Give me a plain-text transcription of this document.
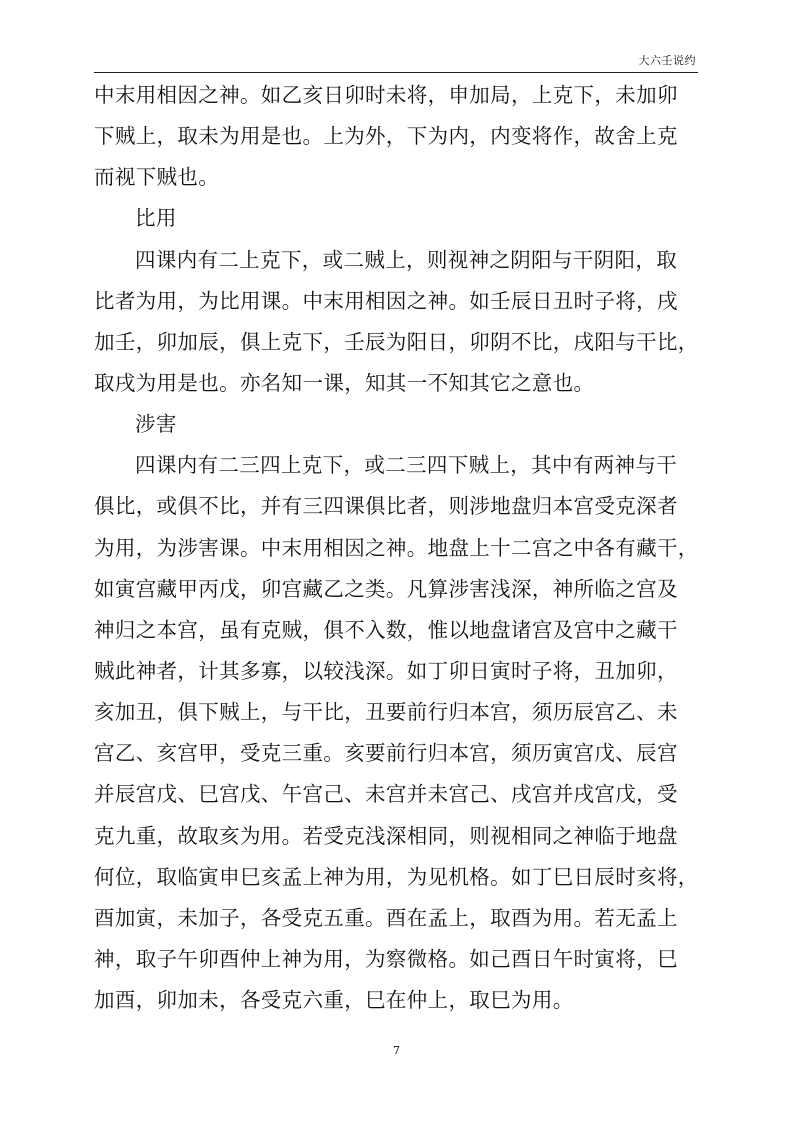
大六壬说约
中末用相因之神。如乙亥日卯时未将，申加局，上克下，未加卯
下贼上，取未为用是也。上为外，下为内，内变将作，故舍上克
而视下贼也。
比用
四课内有二上克下，或二贼上，则视神之阴阳与干阴阳，取
比者为用，为比用课。中末用相因之神。如壬辰日丑时子将，戌
加壬，卯加辰，俱上克下，壬辰为阳日，卯阴不比，戌阳与干比，
取戌为用是也。亦名知一课，知其一不知其它之意也。
涉害
四课内有二三四上克下，或二三四下贼上，其中有两神与干
俱比，或俱不比，并有三四课俱比者，则涉地盘归本宫受克深者
为用，为涉害课。中末用相因之神。地盘上十二宫之中各有藏干，
如寅宫藏甲丙戊，卯宫藏乙之类。凡算涉害浅深，神所临之宫及
神归之本宫，虽有克贼，俱不入数，惟以地盘诸宫及宫中之藏干
贼此神者，计其多寡，以较浅深。如丁卯日寅时子将，丑加卯，
亥加丑，俱下贼上，与干比，丑要前行归本宫，须历辰宫乙、未
宫乙、亥宫甲，受克三重。亥要前行归本宫，须历寅宫戊、辰宫
并辰宫戊、巳宫戊、午宫己、未宫并未宫己、戌宫并戌宫戊，受
克九重，故取亥为用。若受克浅深相同，则视相同之神临于地盘
何位，取临寅申巳亥孟上神为用，为见机格。如丁巳日辰时亥将，
酉加寅，未加子，各受克五重。酉在孟上，取酉为用。若无孟上
神，取子午卯酉仲上神为用，为察微格。如己酉日午时寅将，巳
加酉，卯加未，各受克六重，巳在仲上，取巳为用。
7
